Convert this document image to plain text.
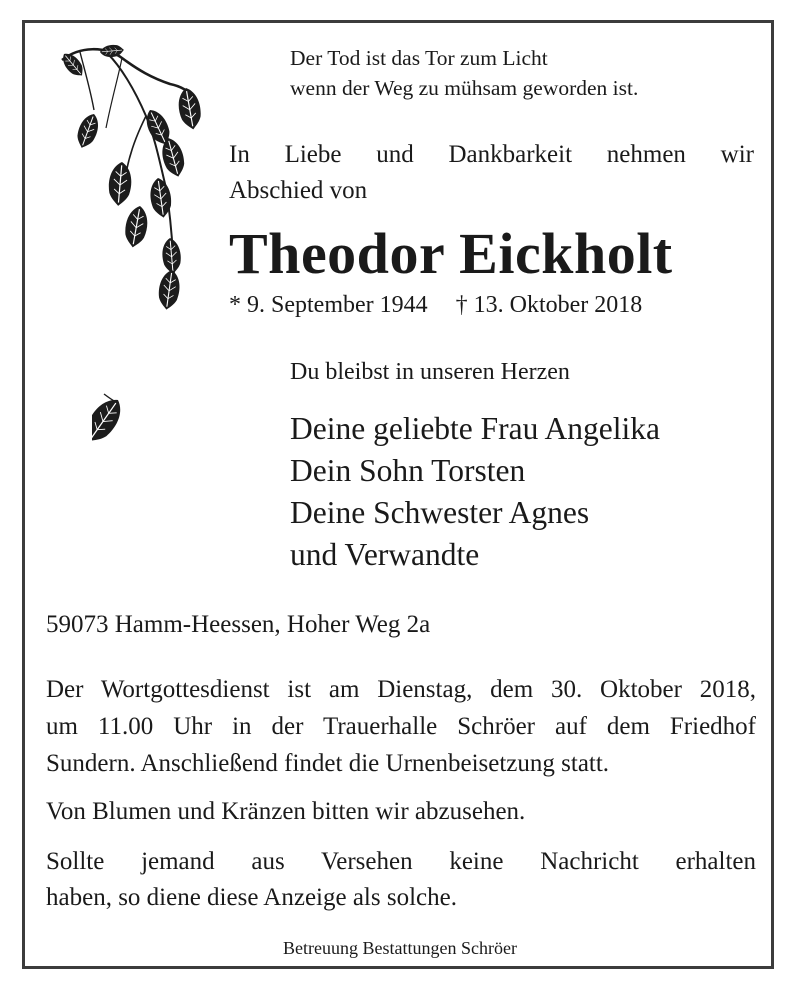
Der Tod ist das Tor zum Licht

wenn der Weg zu mühsam geworden ist.

In Liebe und Dankbarkeit nehmen wir

Abschied von

Theodor Eickholt

* 9. September 1944 † 13. Oktober 2018

Du bleibst in unseren Herzen

Deine geliebte Frau Angelika

Dein Sohn Torsten

Deine Schwester Agnes

und Verwandte

59073 Hamm-Heessen, Hoher Weg 2a

Der Wortgottesdienst ist am Dienstag, dem 30. Oktober 2018,

um 11.00 Uhr in der Trauerhalle Schröer auf dem Friedhof

Sundern. Anschließend findet die Urnenbeisetzung statt.

Von Blumen und Kränzen bitten wir abzusehen.

Sollte jemand aus Versehen keine Nachricht erhalten

haben, so diene diese Anzeige als solche.

Betreuung Bestattungen Schröer
